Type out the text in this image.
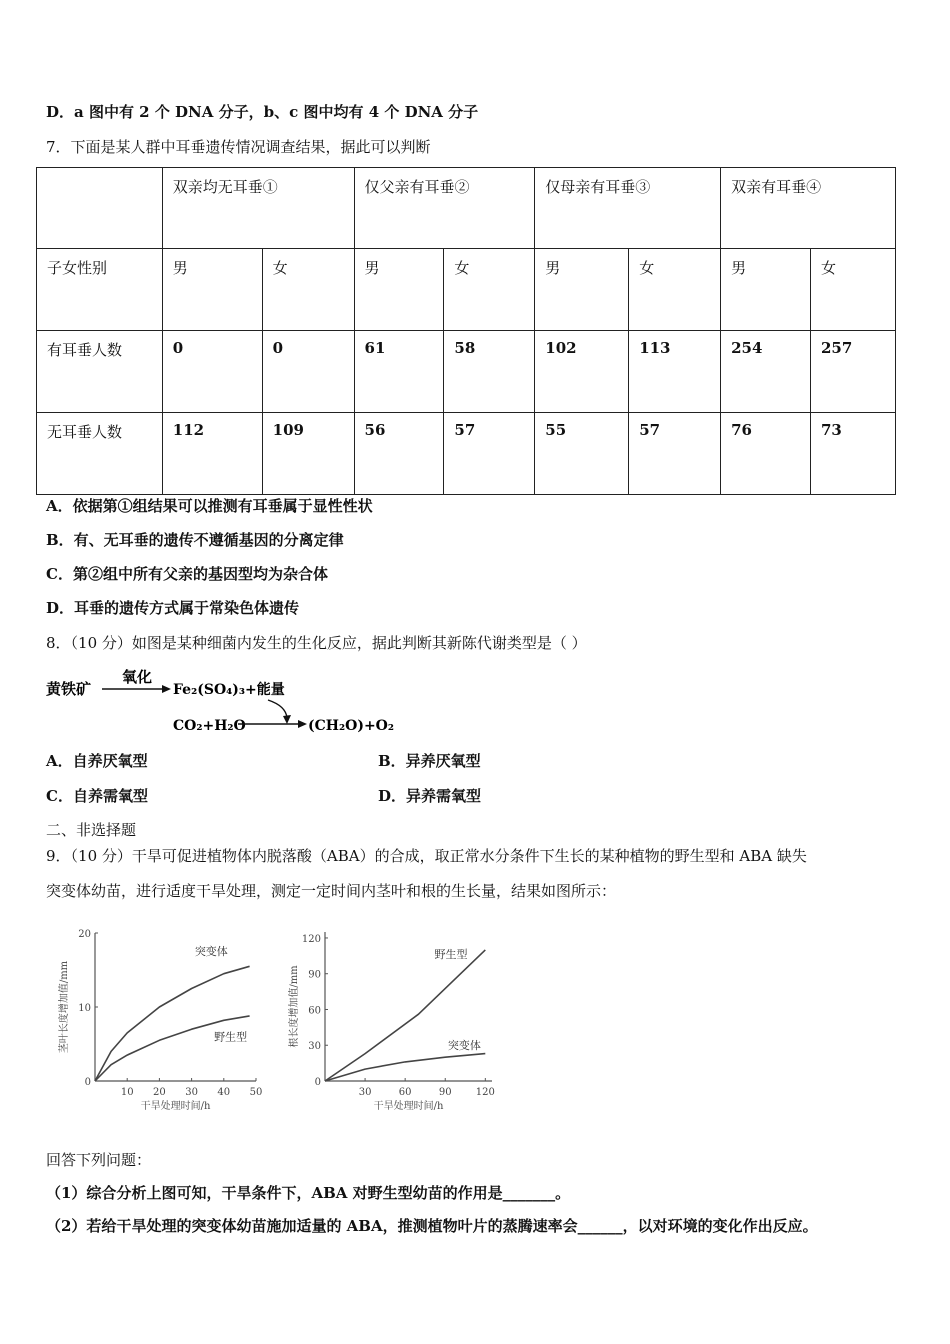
D．a 图中有 2 个 DNA 分子，b、c 图中均有 4 个 DNA 分子
7．下面是某人群中耳垂遗传情况调查结果，据此可以判断
	双亲均无耳垂①		仅父亲有耳垂②		仅母亲有耳垂③		双亲有耳垂④	
子女性别	男	女	男	女	男	女	男	女
有耳垂人数	0	0	61	58	102	113	254	257
无耳垂人数	112	109	56	57	55	57	76	73
A．依据第①组结果可以推测有耳垂属于显性性状
B．有、无耳垂的遗传不遵循基因的分离定律
C．第②组中所有父亲的基因型均为杂合体
D．耳垂的遗传方式属于常染色体遗传
8．（10 分）如图是某种细菌内发生的生化反应，据此判断其新陈代谢类型是（ ）
黄铁矿
氧化
Fe₂(SO₄)₃+能量
CO₂+H₂O	(CH₂O)+O₂
A．自养厌氧型	B．异养厌氧型
C．自养需氧型	D．异养需氧型
二、非选择题
9．（10 分）干旱可促进植物体内脱落酸（ABA）的合成，取正常水分条件下生长的某种植物的野生型和 ABA 缺失
突变体幼苗，进行适度干旱处理，测定一定时间内茎叶和根的生长量，结果如图所示：
10 20 30 40 50
0
10
20
干旱处理时间/h
茎叶长度增加值/mm
突变体
野生型
30	60	90 120
0
30
60
90
120
干旱处理时间/h
根长度增加值/mm
野生型
突变体
回答下列问题：
（1）综合分析上图可知，干旱条件下，ABA 对野生型幼苗的作用是_______。
（2）若给干旱处理的突变体幼苗施加适量的 ABA，推测植物叶片的蒸腾速率会______，以对环境的变化作出反应。
